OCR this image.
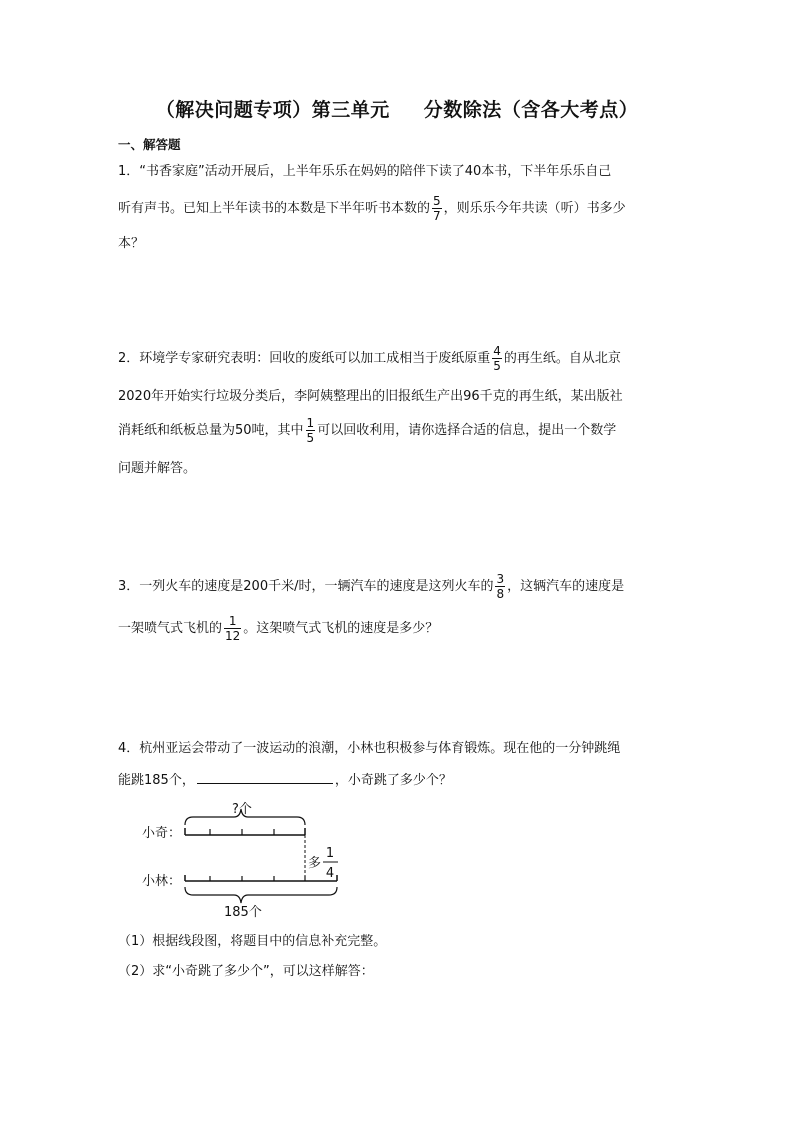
（解决问题专项）第三单元 分数除法（含各大考点）
一、解答题
1．“书香家庭”活动开展后，上半年乐乐在妈妈的陪伴下读了40本书，下半年乐乐自己
听有声书。已知上半年读书的本数是下半年听书本数的 $\frac{5}{7}$ ，则乐乐今年共读（听）书多少
本？
2．环境学专家研究表明：回收的废纸可以加工成相当于废纸原重 $\frac{4}{5}$ 的再生纸。自从北京
2020年开始实行垃圾分类后，李阿姨整理出的旧报纸生产出96千克的再生纸，某出版社
消耗纸和纸板总量为50吨，其中 $\frac{1}{5}$ 可以回收利用，请你选择合适的信息，提出一个数学
问题并解答。
3．一列火车的速度是200千米/时，一辆汽车的速度是这列火车的 $\frac{3}{8}$ ，这辆汽车的速度是
一架喷气式飞机的 $\frac{1}{12}$ 。这架喷气式飞机的速度是多少？
4．杭州亚运会带动了一波运动的浪潮，小林也积极参与体育锻炼。现在他的一分钟跳绳
能跳185个，	，小奇跳了多少个？
?个
小奇：
多
1
4
小林：
185个
（1）根据线段图，将题目中的信息补充完整。
（2）求“小奇跳了多少个”，可以这样解答：
